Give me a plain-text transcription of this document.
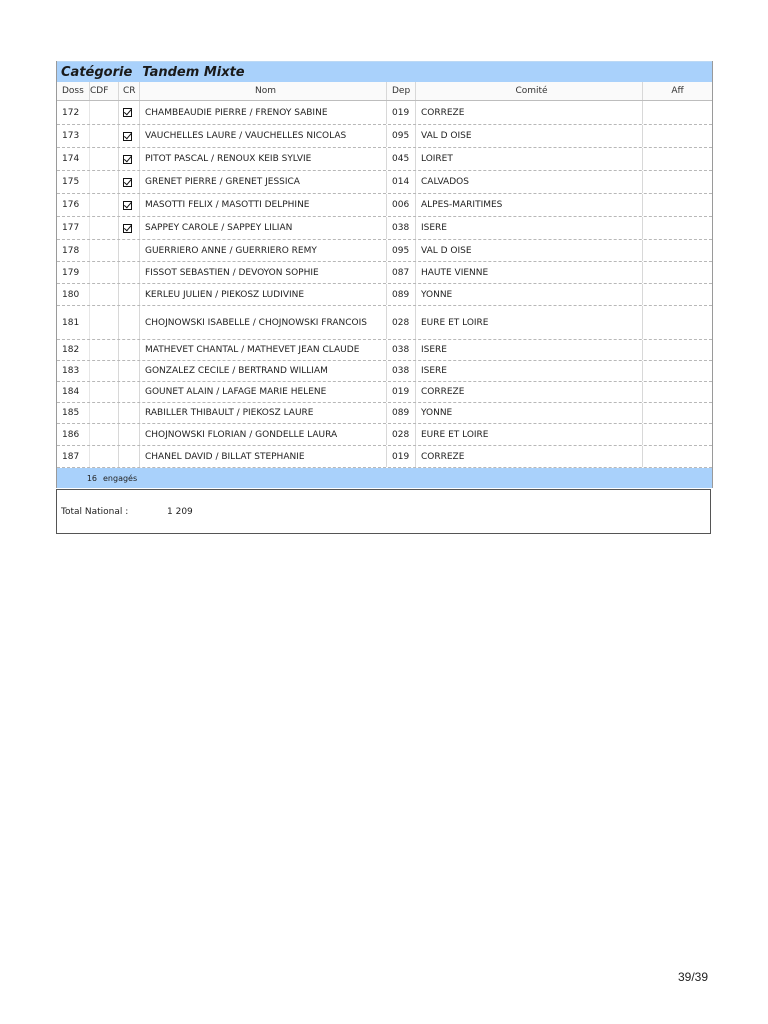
Catégorie Tandem Mixte
Doss CDF	CR	Nom	Dep	Comité	Aff
172	CHAMBEAUDIE PIERRE / FRENOY SABINE	019	CORREZE
173	VAUCHELLES LAURE / VAUCHELLES NICOLAS	095	VAL D OISE
174	PITOT PASCAL / RENOUX KEIB SYLVIE	045	LOIRET
175	GRENET PIERRE / GRENET JESSICA	014	CALVADOS
176	MASOTTI FELIX / MASOTTI DELPHINE	006	ALPES-MARITIMES
177	SAPPEY CAROLE / SAPPEY LILIAN	038	ISERE
178	GUERRIERO ANNE / GUERRIERO REMY	095	VAL D OISE
179	FISSOT SEBASTIEN / DEVOYON SOPHIE	087	HAUTE VIENNE
180	KERLEU JULIEN / PIEKOSZ LUDIVINE	089	YONNE
181	CHOJNOWSKI ISABELLE / CHOJNOWSKI FRANCOIS	028	EURE ET LOIRE
182	MATHEVET CHANTAL / MATHEVET JEAN CLAUDE	038	ISERE
183	GONZALEZ CECILE / BERTRAND WILLIAM	038	ISERE
184	GOUNET ALAIN / LAFAGE MARIE HELENE	019	CORREZE
185	RABILLER THIBAULT / PIEKOSZ LAURE	089	YONNE
186	CHOJNOWSKI FLORIAN / GONDELLE LAURA	028	EURE ET LOIRE
187	CHANEL DAVID / BILLAT STEPHANIE	019	CORREZE
16 engagés
Total National :	1 209
39/39
